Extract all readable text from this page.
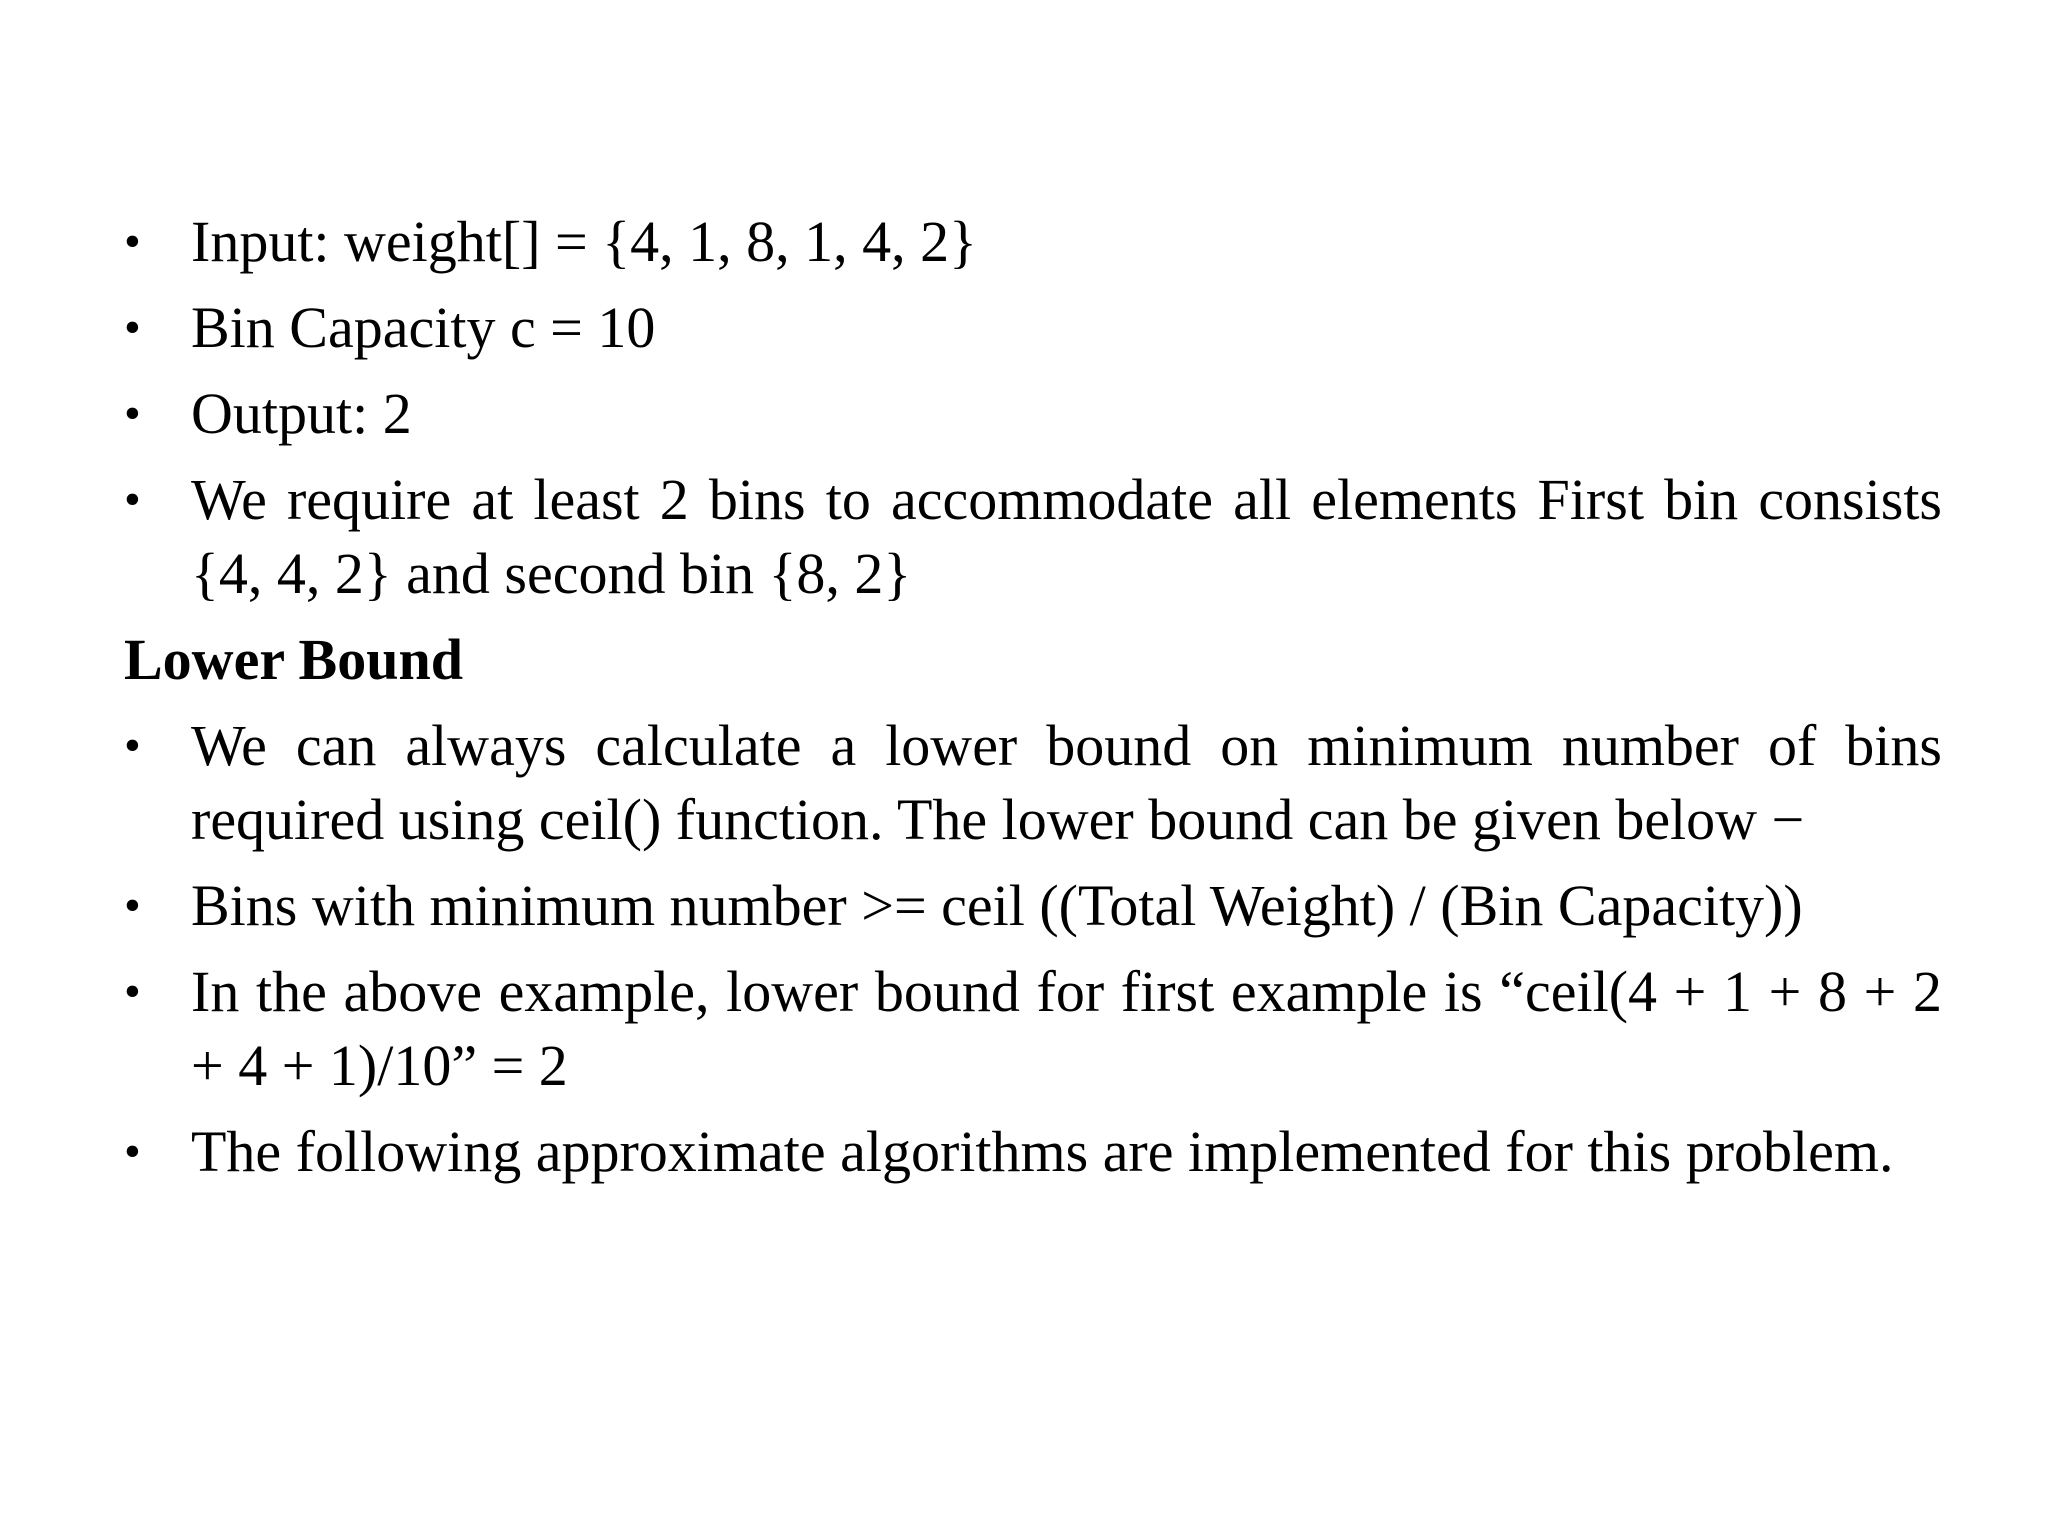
• Input: weight[] = {4, 1, 8, 1, 4, 2}
• Bin Capacity c = 10
• Output: 2
• We require at least 2 bins to accommodate all elements First bin consists {4, 4, 2} and second bin {8, 2}
Lower Bound
• We can always calculate a lower bound on minimum number of bins required using ceil() function. The lower bound can be given below −
• Bins with minimum number >= ceil ((Total Weight) / (Bin Capacity))
• In the above example, lower bound for first example is “ceil(4 + 1 + 8 + 2 + 4 + 1)/10” = 2
• The following approximate algorithms are implemented for this problem.
